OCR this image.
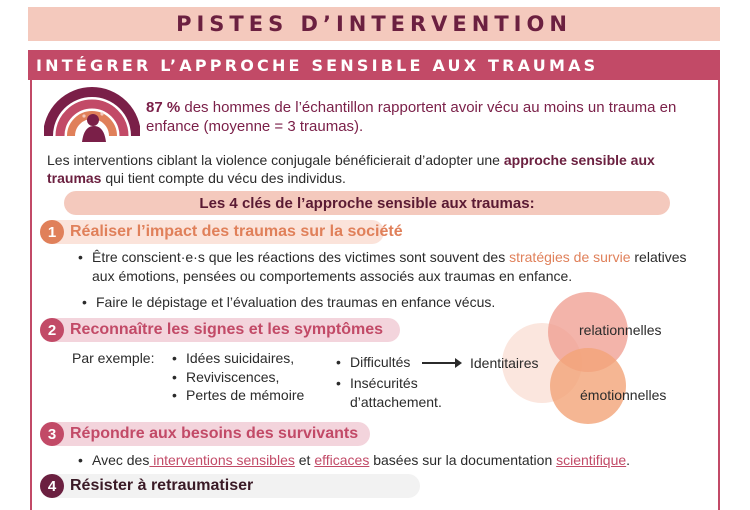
PISTES D’INTERVENTION
INTÉGRER L’APPROCHE SENSIBLE AUX TRAUMAS
87 % des hommes de l’échantillon rapportent avoir vécu au moins un trauma en enfance (moyenne = 3 traumas).
Les interventions ciblant la violence conjugale bénéficierait d’adopter une approche sensible aux traumas qui tient compte du vécu des individus.
Les 4 clés de l’approche sensible aux traumas:
1 Réaliser l’impact des traumas sur la société
• Être conscient·e·s que les réactions des victimes sont souvent des stratégies de survie relatives aux émotions, pensées ou comportements associés aux traumas en enfance.
• Faire le dépistage et l’évaluation des traumas en enfance vécus.
2 Reconnaître les signes et les symptômes
Par exemple:
• Idées suicidaires,
• Reviviscences,
• Pertes de mémoire
• Difficultés
• Insécurités d’attachement.
Identitaires
relationnelles
émotionnelles
3 Répondre aux besoins des survivants
• Avec des interventions sensibles et efficaces basées sur la documentation scientifique.
4 Résister à retraumatiser
